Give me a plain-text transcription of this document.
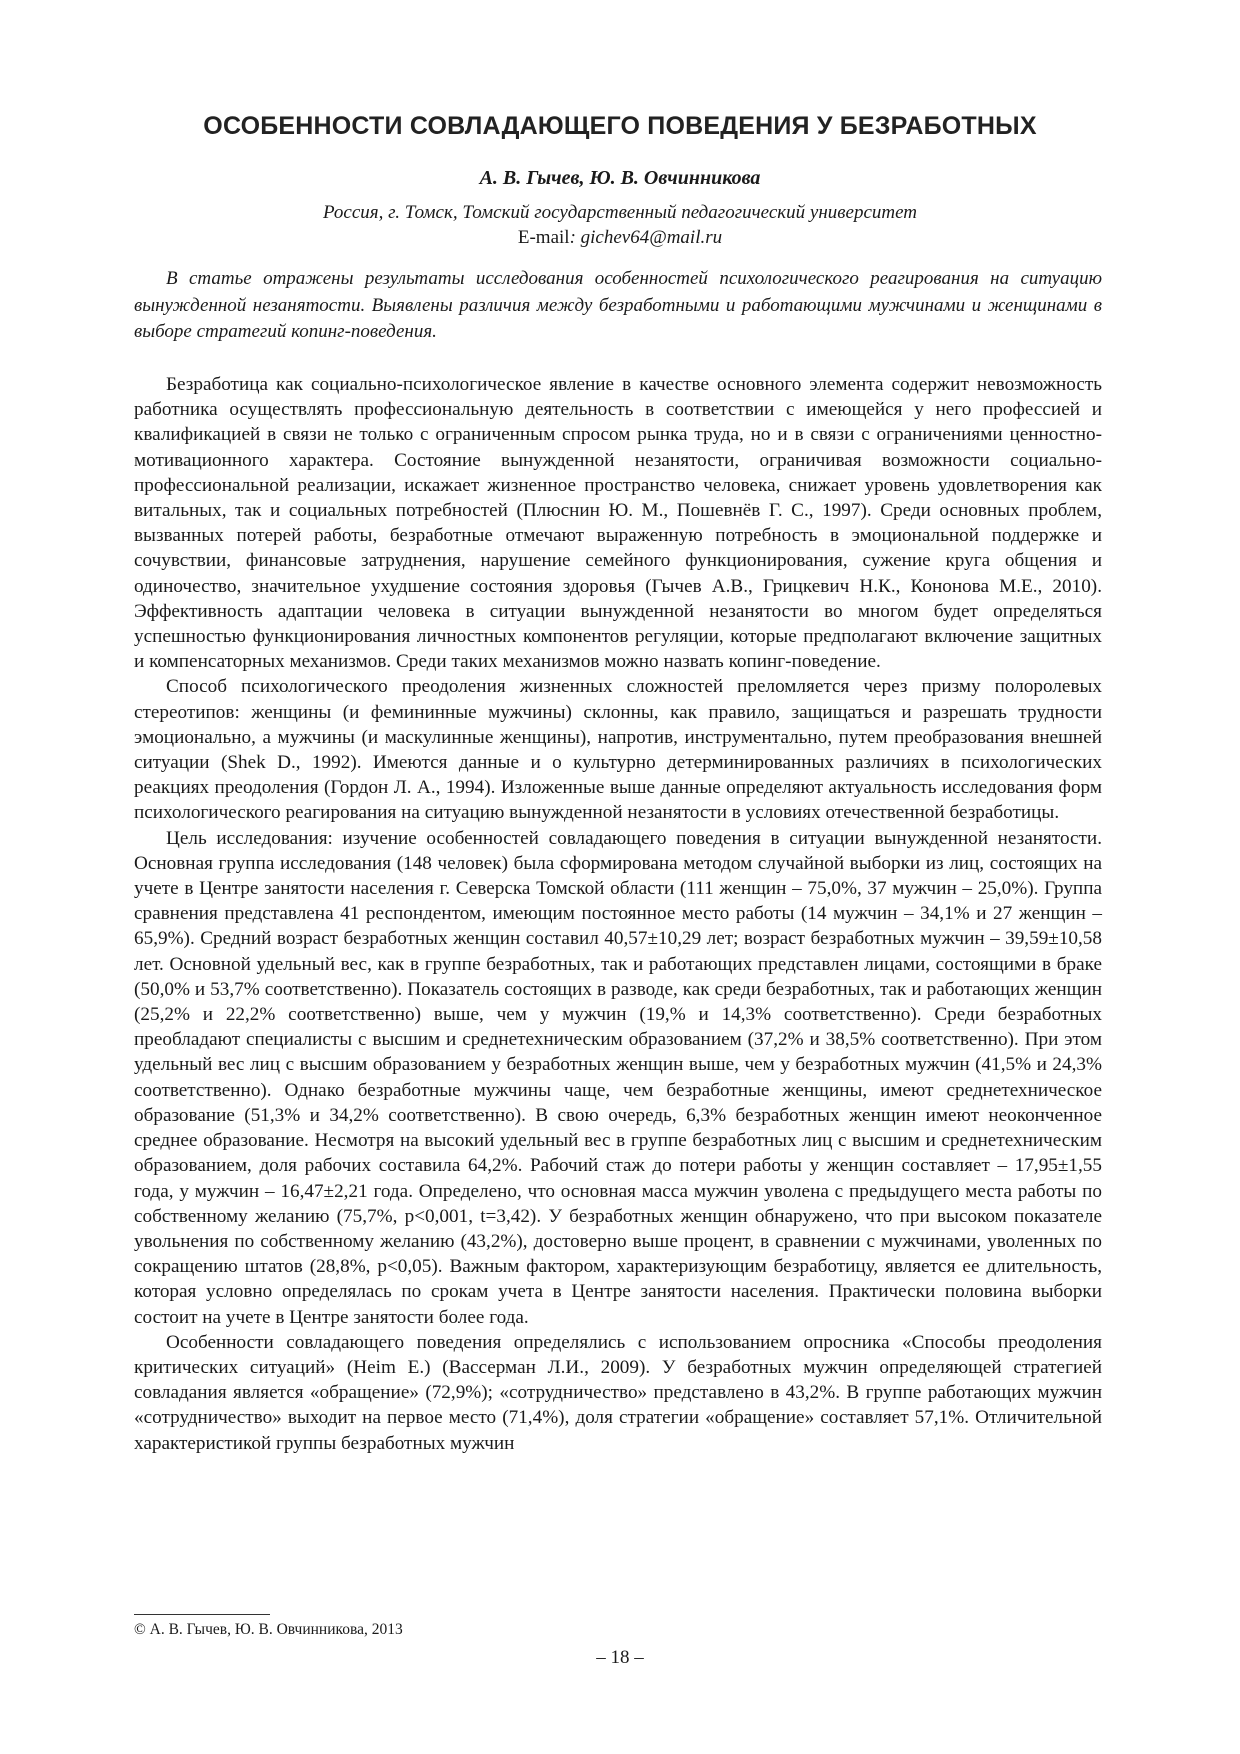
ОСОБЕННОСТИ СОВЛАДАЮЩЕГО ПОВЕДЕНИЯ У БЕЗРАБОТНЫХ
А. В. Гычев, Ю. В. Овчинникова
Россия, г. Томск, Томский государственный педагогический университет
E-mail: gichev64@mail.ru
В статье отражены результаты исследования особенностей психологического реагирования на ситуацию вынужденной незанятости. Выявлены различия между безработными и работающими мужчинами и женщинами в выборе стратегий копинг-поведения.

Безработица как социально-психологическое явление в качестве основного элемента содержит невозможность работника осуществлять профессиональную деятельность в соответствии с имеющейся у него профессией и квалификацией в связи не только с ограниченным спросом рынка труда, но и в связи с ограничениями ценностно-мотивационного характера. Состояние вынужденной незанятости, ограничивая возможности социально-профессиональной реализации, искажает жизненное пространство человека, снижает уровень удовлетворения как витальных, так и социальных потребностей (Плюснин Ю. М., Пошевнёв Г. С., 1997). Среди основных проблем, вызванных потерей работы, безработные отмечают выраженную потребность в эмоциональной поддержке и сочувствии, финансовые затруднения, нарушение семейного функционирования, сужение круга общения и одиночество, значительное ухудшение состояния здоровья (Гычев А.В., Грицкевич Н.К., Кононова М.Е., 2010). Эффективность адаптации человека в ситуации вынужденной незанятости во многом будет определяться успешностью функционирования личностных компонентов регуляции, которые предполагают включение защитных и компенсаторных механизмов. Среди таких механизмов можно назвать копинг-поведение.

Способ психологического преодоления жизненных сложностей преломляется через призму полоролевых стереотипов: женщины (и фемининные мужчины) склонны, как правило, защищаться и разрешать трудности эмоционально, а мужчины (и маскулинные женщины), напротив, инструментально, путем преобразования внешней ситуации (Shek D., 1992). Имеются данные и о культурно детерминированных различиях в психологических реакциях преодоления (Гордон Л. А., 1994). Изложенные выше данные определяют актуальность исследования форм психологического реагирования на ситуацию вынужденной незанятости в условиях отечественной безработицы.

Цель исследования: изучение особенностей совладающего поведения в ситуации вынужденной незанятости. Основная группа исследования (148 человек) была сформирована методом случайной выборки из лиц, состоящих на учете в Центре занятости населения г. Северска Томской области (111 женщин – 75,0%, 37 мужчин – 25,0%). Группа сравнения представлена 41 респондентом, имеющим постоянное место работы (14 мужчин – 34,1% и 27 женщин – 65,9%). Средний возраст безработных женщин составил 40,57±10,29 лет; возраст безработных мужчин – 39,59±10,58 лет. Основной удельный вес, как в группе безработных, так и работающих представлен лицами, состоящими в браке (50,0% и 53,7% соответственно). Показатель состоящих в разводе, как среди безработных, так и работающих женщин (25,2% и 22,2% соответственно) выше, чем у мужчин (19,% и 14,3% соответственно). Среди безработных преобладают специалисты с высшим и среднетехническим образованием (37,2% и 38,5% соответственно). При этом удельный вес лиц с высшим образованием у безработных женщин выше, чем у безработных мужчин (41,5% и 24,3% соответственно). Однако безработные мужчины чаще, чем безработные женщины, имеют среднетехническое образование (51,3% и 34,2% соответственно). В свою очередь, 6,3% безработных женщин имеют неоконченное среднее образование. Несмотря на высокий удельный вес в группе безработных лиц с высшим и среднетехническим образованием, доля рабочих составила 64,2%. Рабочий стаж до потери работы у женщин составляет – 17,95±1,55 года, у мужчин – 16,47±2,21 года. Определено, что основная масса мужчин уволена с предыдущего места работы по собственному желанию (75,7%, p<0,001, t=3,42). У безработных женщин обнаружено, что при высоком показателе увольнения по собственному желанию (43,2%), достоверно выше процент, в сравнении с мужчинами, уволенных по сокращению штатов (28,8%, p<0,05). Важным фактором, характеризующим безработицу, является ее длительность, которая условно определялась по срокам учета в Центре занятости населения. Практически половина выборки состоит на учете в Центре занятости более года.

Особенности совладающего поведения определялись с использованием опросника «Способы преодоления критических ситуаций» (Heim E.) (Вассерман Л.И., 2009). У безработных мужчин определяющей стратегией совладания является «обращение» (72,9%); «сотрудничество» представлено в 43,2%. В группе работающих мужчин «сотрудничество» выходит на первое место (71,4%), доля стратегии «обращение» составляет 57,1%. Отличительной характеристикой группы безработных мужчин

© А. В. Гычев, Ю. В. Овчинникова, 2013
– 18 –
